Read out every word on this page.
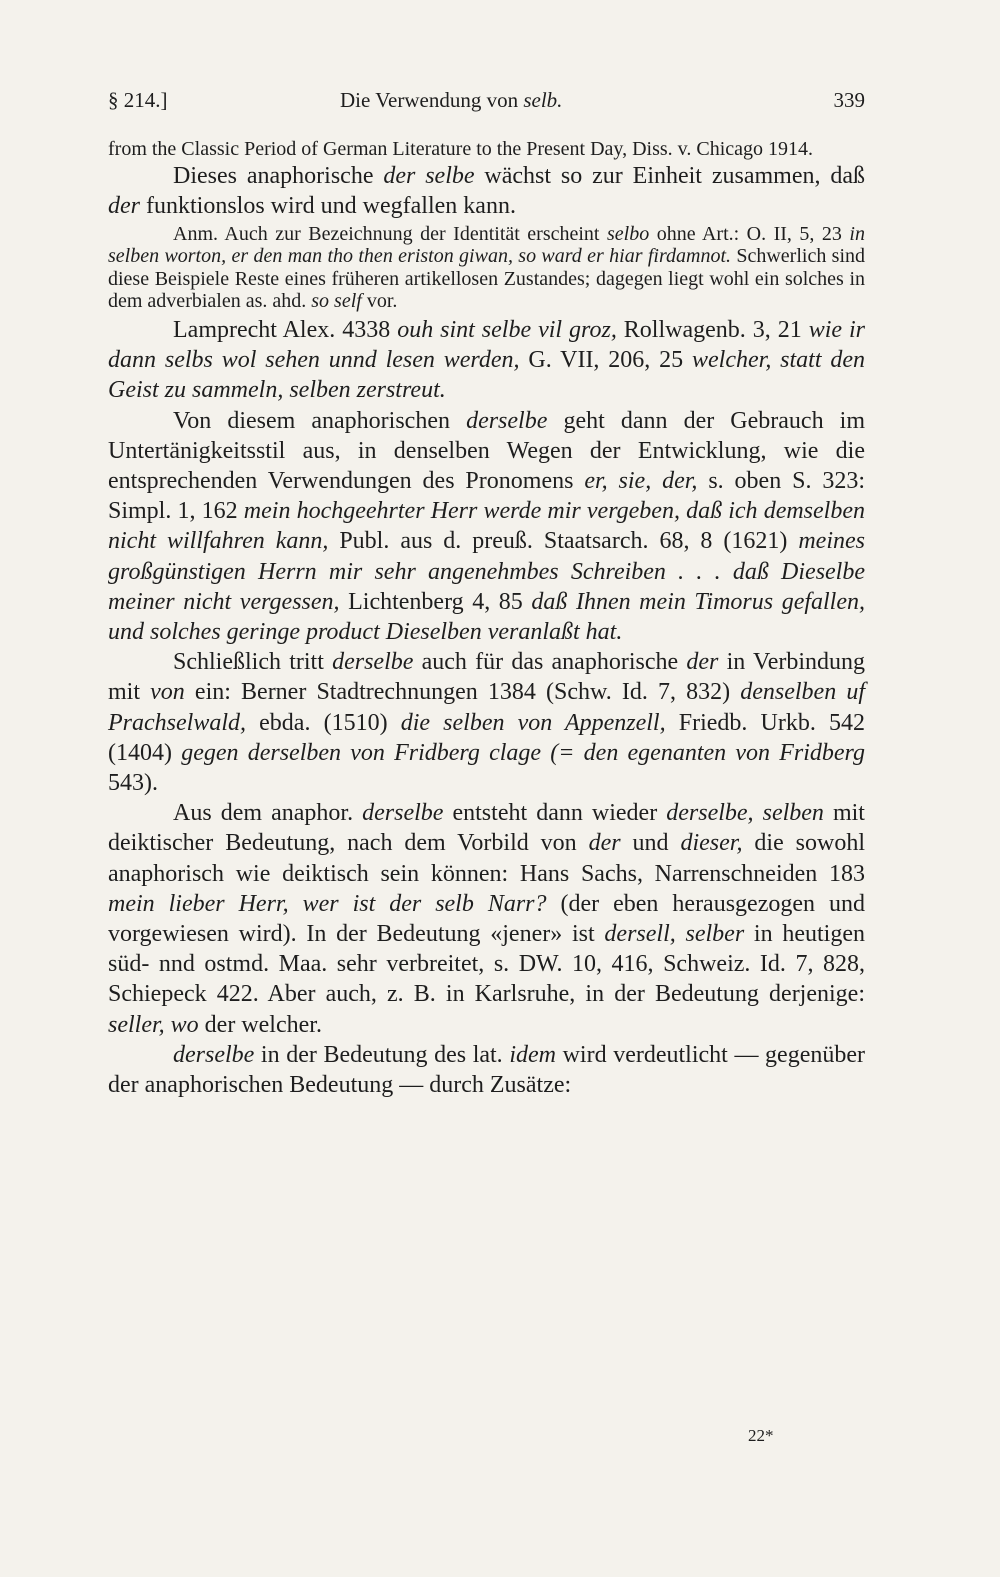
§ 214.]	Die Verwendung von selb.	339

from the Classic Period of German Literature to the Present Day, Diss. v. Chicago 1914.

Dieses anaphorische der selbe wächst so zur Einheit zusammen, daß der funktionslos wird und wegfallen kann.

Anm. Auch zur Bezeichnung der Identität erscheint selbo ohne Art.: O. II, 5, 23 in selben worton, er den man tho then eriston giwan, so ward er hiar firdamnot. Schwerlich sind diese Beispiele Reste eines früheren artikellosen Zustandes; dagegen liegt wohl ein solches in dem adverbialen as. ahd. so self vor.

Lamprecht Alex. 4338 ouh sint selbe vil groz, Rollwagenb. 3, 21 wie ir dann selbs wol sehen unnd lesen werden, G. VII, 206, 25 welcher, statt den Geist zu sammeln, selben zerstreut.

Von diesem anaphorischen derselbe geht dann der Gebrauch im Untertänigkeitsstil aus, in denselben Wegen der Entwicklung, wie die entsprechenden Verwendungen des Pronomens er, sie, der, s. oben S. 323: Simpl. 1, 162 mein hochgeehrter Herr werde mir vergeben, daß ich demselben nicht willfahren kann, Publ. aus d. preuß. Staatsarch. 68, 8 (1621) meines großgünstigen Herrn mir sehr angenehmbes Schreiben . . . daß Dieselbe meiner nicht vergessen, Lichtenberg 4, 85 daß Ihnen mein Timorus gefallen, und solches geringe product Dieselben veranlaßt hat.

Schließlich tritt derselbe auch für das anaphorische der in Verbindung mit von ein: Berner Stadtrechnungen 1384 (Schw. Id. 7, 832) denselben uf Prachselwald, ebda. (1510) die selben von Appenzell, Friedb. Urkb. 542 (1404) gegen derselben von Fridberg clage (= den egenanten von Fridberg 543).

Aus dem anaphor. derselbe entsteht dann wieder derselbe, selben mit deiktischer Bedeutung, nach dem Vorbild von der und dieser, die sowohl anaphorisch wie deiktisch sein können: Hans Sachs, Narrenschneiden 183 mein lieber Herr, wer ist der selb Narr? (der eben herausgezogen und vorgewiesen wird). In der Bedeutung «jener» ist dersell, selber in heutigen süd- nnd ostmd. Maa. sehr verbreitet, s. DW. 10, 416, Schweiz. Id. 7, 828, Schiepeck 422. Aber auch, z. B. in Karlsruhe, in der Bedeutung derjenige: seller, wo der welcher.

derselbe in der Bedeutung des lat. idem wird verdeutlicht — gegenüber der anaphorischen Bedeutung — durch Zusätze:

22*
